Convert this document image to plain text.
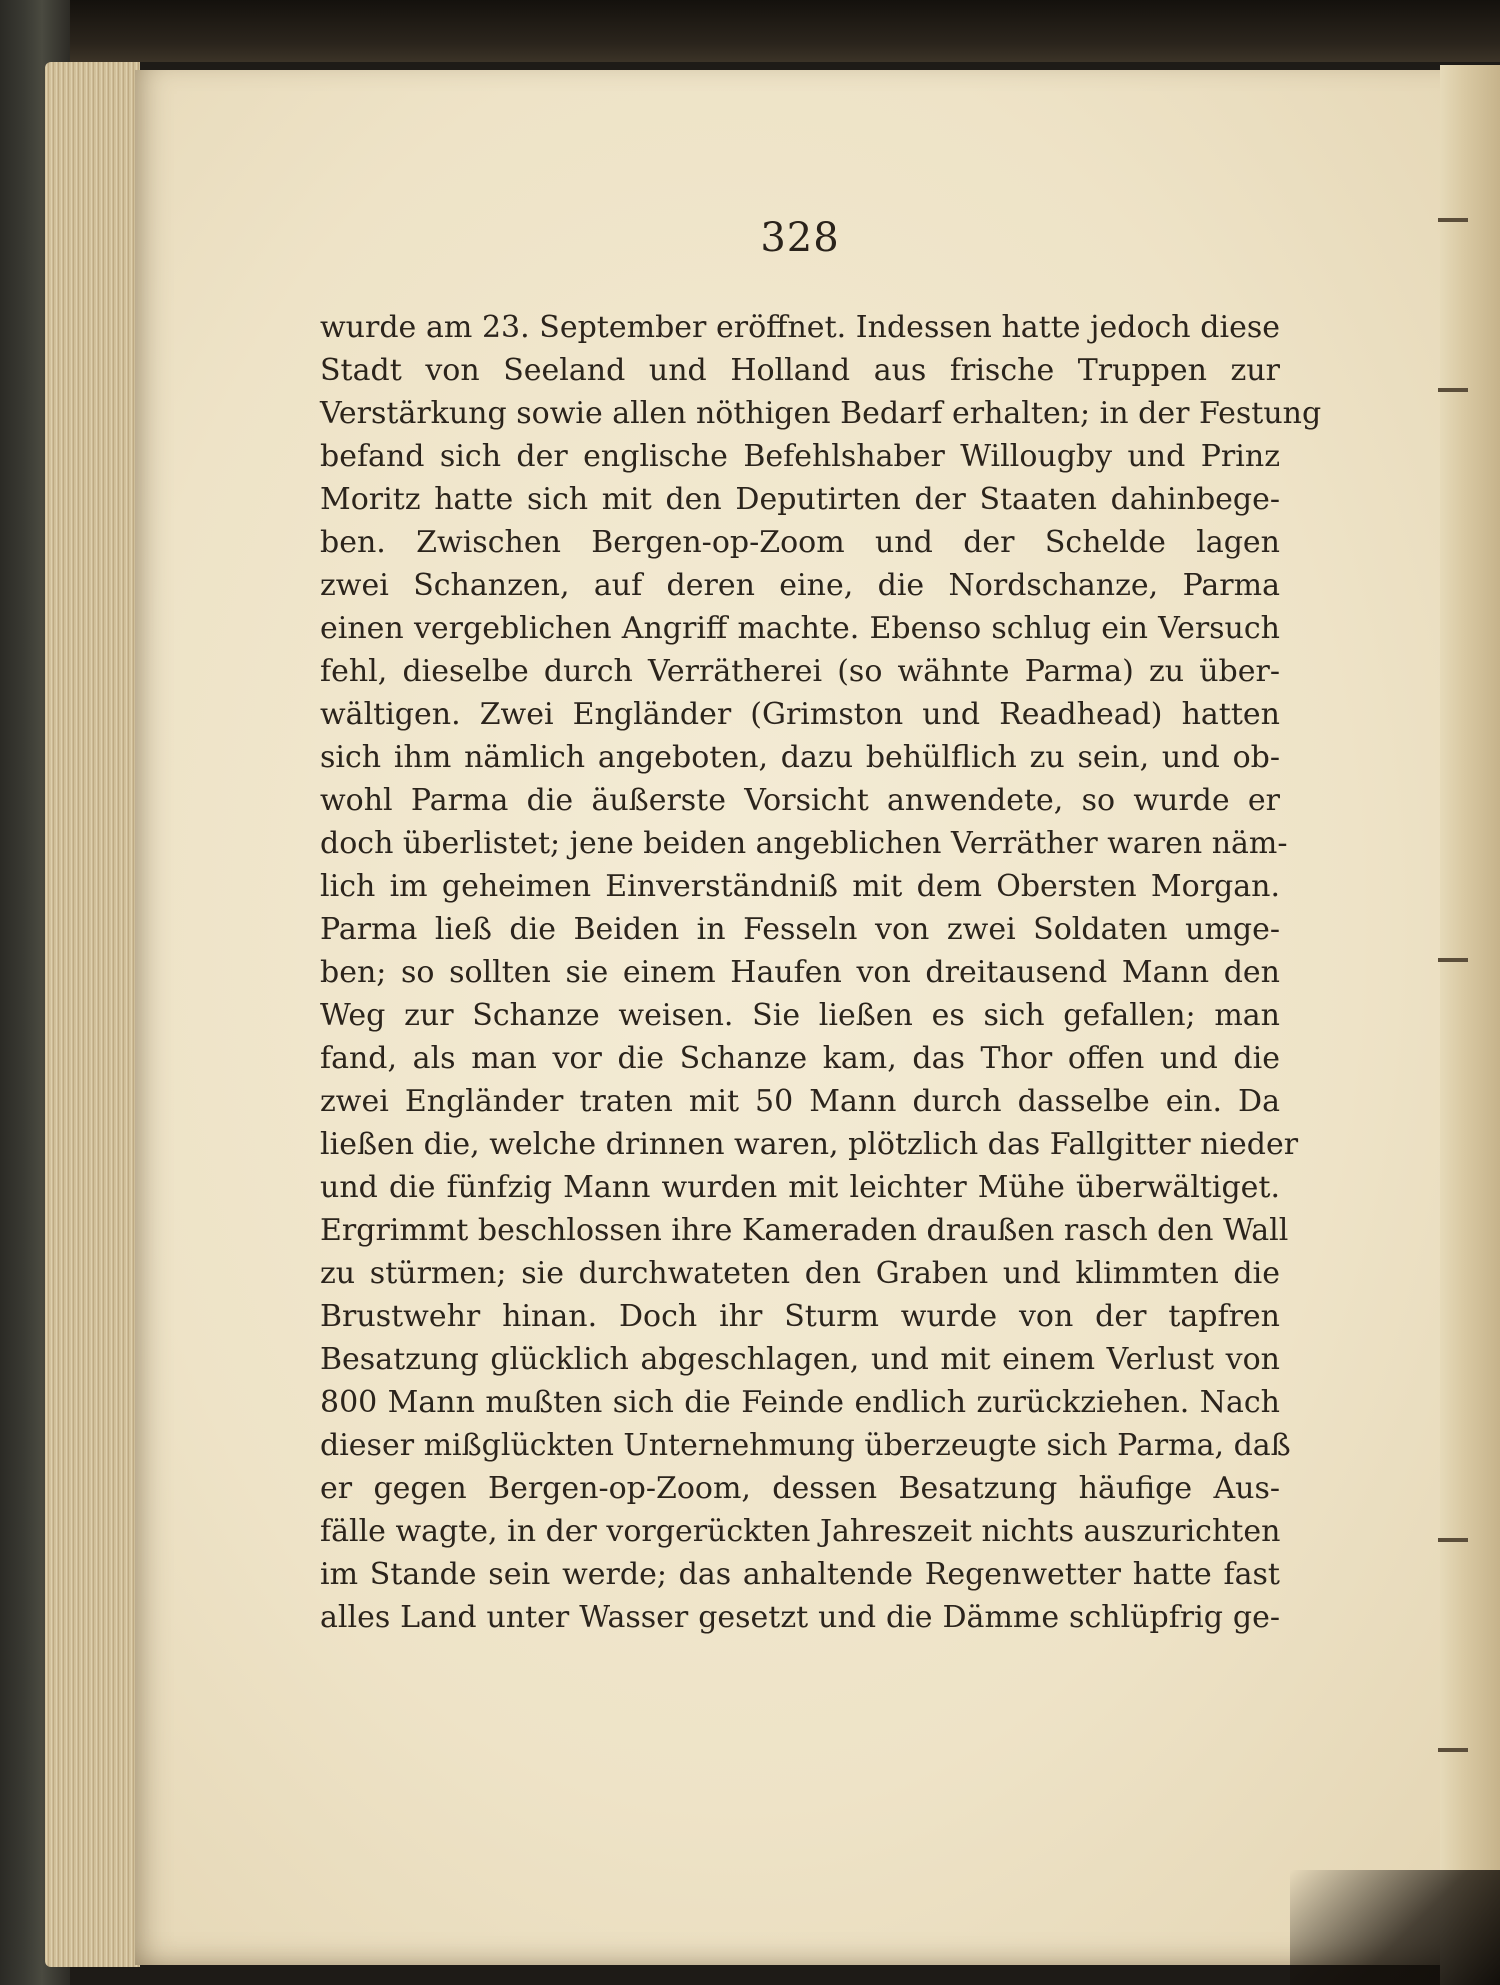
328
wurde am 23. September eröffnet. Indessen hatte jedoch diese
Stadt von Seeland und Holland aus frische Truppen zur
Verstärkung sowie allen nöthigen Bedarf erhalten; in der Festung
befand sich der englische Befehlshaber Willougby und Prinz
Moritz hatte sich mit den Deputirten der Staaten dahinbege-
ben. Zwischen Bergen-op-Zoom und der Schelde lagen
zwei Schanzen, auf deren eine, die Nordschanze, Parma
einen vergeblichen Angriff machte. Ebenso schlug ein Versuch
fehl, dieselbe durch Verrätherei (so wähnte Parma) zu über-
wältigen. Zwei Engländer (Grimston und Readhead) hatten
sich ihm nämlich angeboten, dazu behülflich zu sein, und ob-
wohl Parma die äußerste Vorsicht anwendete, so wurde er
doch überlistet; jene beiden angeblichen Verräther waren näm-
lich im geheimen Einverständniß mit dem Obersten Morgan.
Parma ließ die Beiden in Fesseln von zwei Soldaten umge-
ben; so sollten sie einem Haufen von dreitausend Mann den
Weg zur Schanze weisen. Sie ließen es sich gefallen; man
fand, als man vor die Schanze kam, das Thor offen und die
zwei Engländer traten mit 50 Mann durch dasselbe ein. Da
ließen die, welche drinnen waren, plötzlich das Fallgitter nieder
und die fünfzig Mann wurden mit leichter Mühe überwältiget.
Ergrimmt beschlossen ihre Kameraden draußen rasch den Wall
zu stürmen; sie durchwateten den Graben und klimmten die
Brustwehr hinan. Doch ihr Sturm wurde von der tapfren
Besatzung glücklich abgeschlagen, und mit einem Verlust von
800 Mann mußten sich die Feinde endlich zurückziehen. Nach
dieser mißglückten Unternehmung überzeugte sich Parma, daß
er gegen Bergen-op-Zoom, dessen Besatzung häufige Aus-
fälle wagte, in der vorgerückten Jahreszeit nichts auszurichten
im Stande sein werde; das anhaltende Regenwetter hatte fast
alles Land unter Wasser gesetzt und die Dämme schlüpfrig ge-
